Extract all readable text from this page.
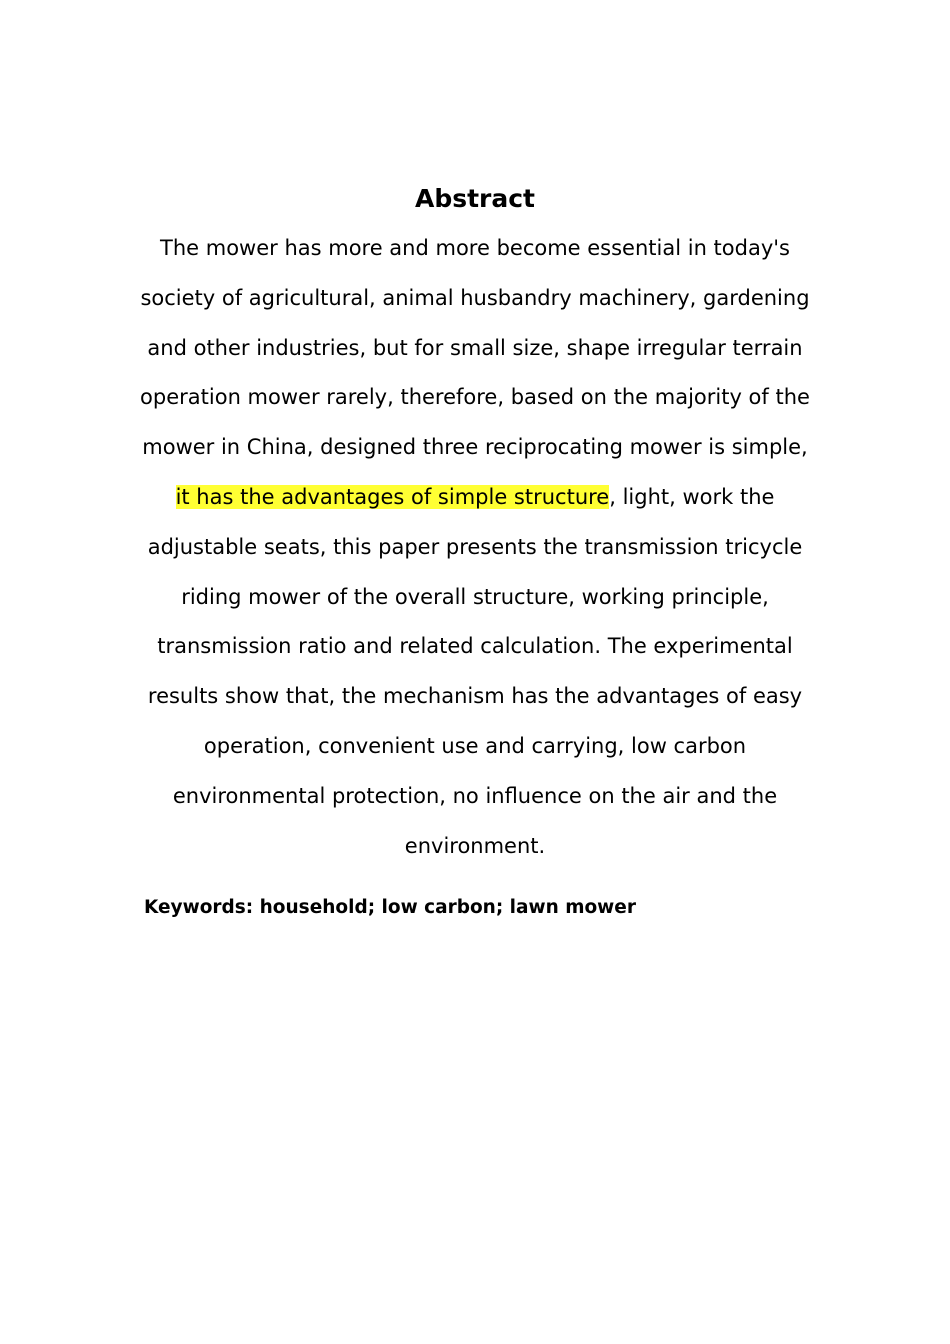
Abstract

The mower has more and more become essential in today's society of agricultural, animal husbandry machinery, gardening and other industries, but for small size, shape irregular terrain operation mower rarely, therefore, based on the majority of the mower in China, designed three reciprocating mower is simple, it has the advantages of simple structure, light, work the adjustable seats, this paper presents the transmission tricycle riding mower of the overall structure, working principle, transmission ratio and related calculation. The experimental results show that, the mechanism has the advantages of easy operation, convenient use and carrying, low carbon environmental protection, no influence on the air and the environment.

Keywords: household; low carbon; lawn mower
